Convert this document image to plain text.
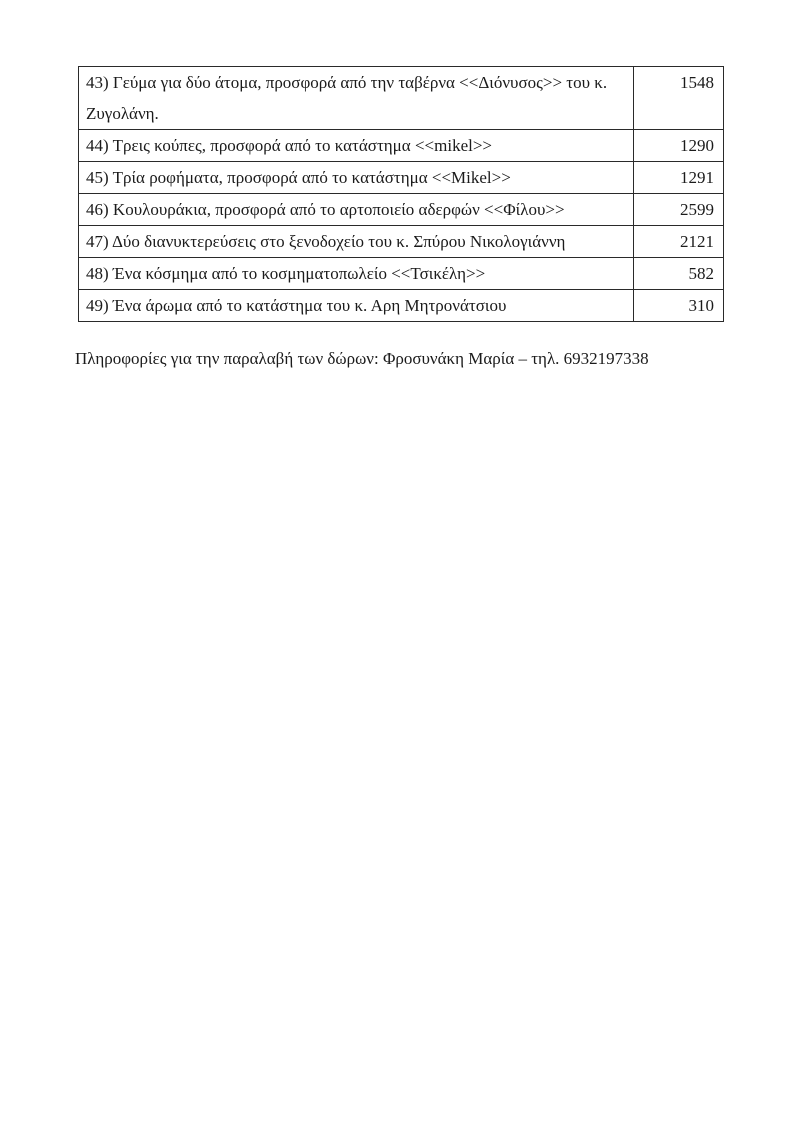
43) Γεύμα για δύο άτομα, προσφορά από την ταβέρνα <<Διόνυσος>> του κ. Ζυγολάνη.	1548
44) Τρεις κούπες, προσφορά από το κατάστημα <<mikel>>	1290
45) Τρία ροφήματα, προσφορά από το κατάστημα <<Mikel>>	1291
46) Κουλουράκια, προσφορά από το αρτοποιείο αδερφών <<Φίλου>>	2599
47) Δύο διανυκτερεύσεις στο ξενοδοχείο του κ. Σπύρου Νικολογιάννη	2121
48) Ένα κόσμημα από το κοσμηματοπωλείο <<Τσικέλη>>	582
49) Ένα άρωμα από το κατάστημα του κ. Αρη Μητρονάτσιου	310
Πληροφορίες για την παραλαβή των δώρων: Φροσυνάκη Μαρία – τηλ. 6932197338
